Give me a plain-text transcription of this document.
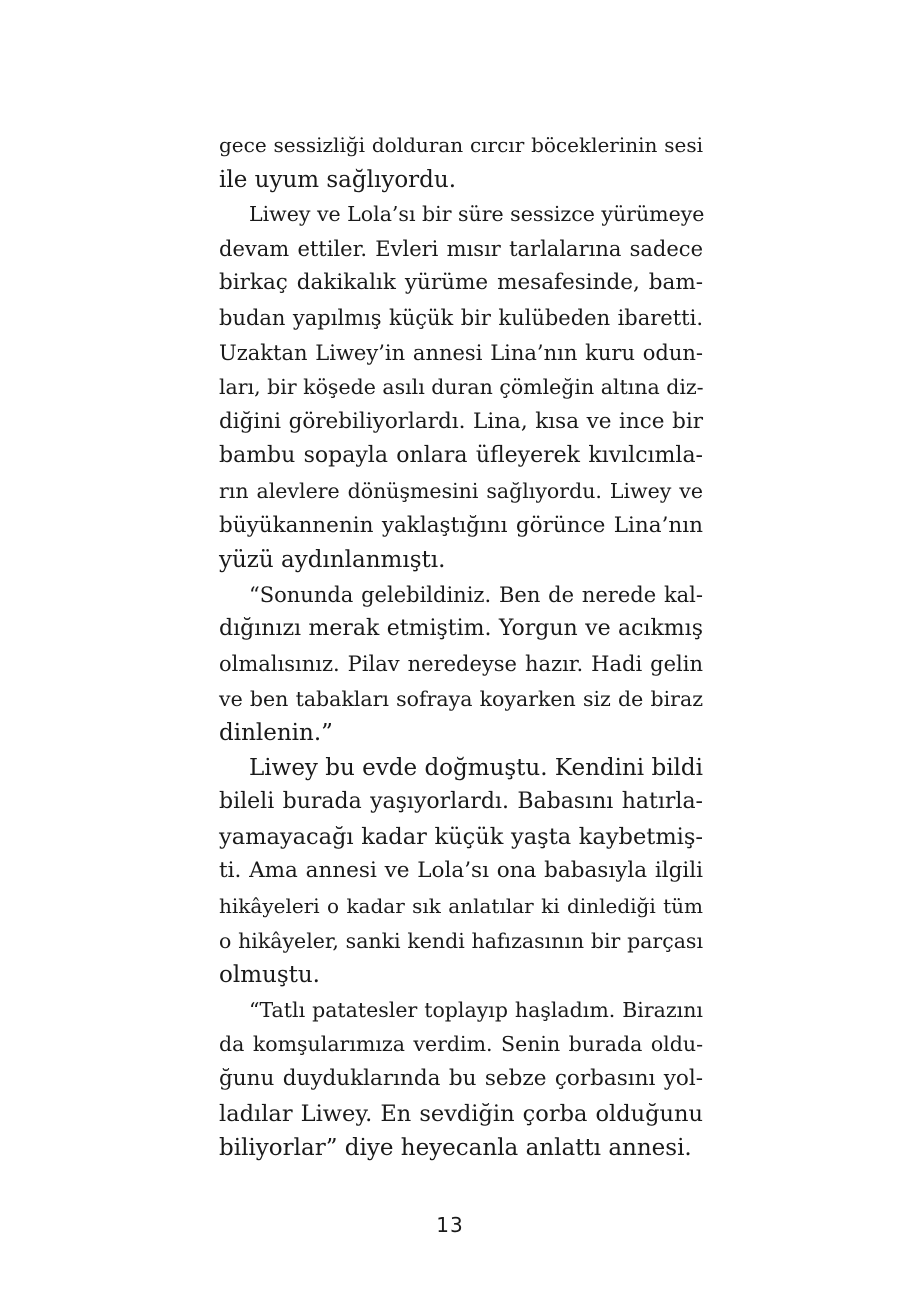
gece sessizliği dolduran cırcır böceklerinin sesi
ile uyum sağlıyordu.
Liwey ve Lola’sı bir süre sessizce yürümeye
devam ettiler. Evleri mısır tarlalarına sadece
birkaç dakikalık yürüme mesafesinde, bam-
budan yapılmış küçük bir kulübeden ibaretti.
Uzaktan Liwey’in annesi Lina’nın kuru odun-
ları, bir köşede asılı duran çömleğin altına diz-
diğini görebiliyorlardı. Lina, kısa ve ince bir
bambu sopayla onlara üfleyerek kıvılcımla-
rın alevlere dönüşmesini sağlıyordu. Liwey ve
büyükannenin yaklaştığını görünce Lina’nın
yüzü aydınlanmıştı.
“Sonunda gelebildiniz. Ben de nerede kal-
dığınızı merak etmiştim. Yorgun ve acıkmış
olmalısınız. Pilav neredeyse hazır. Hadi gelin
ve ben tabakları sofraya koyarken siz de biraz
dinlenin.”
Liwey bu evde doğmuştu. Kendini bildi
bileli burada yaşıyorlardı. Babasını hatırla-
yamayacağı kadar küçük yaşta kaybetmiş-
ti. Ama annesi ve Lola’sı ona babasıyla ilgili
hikâyeleri o kadar sık anlatılar ki dinlediği tüm
o hikâyeler, sanki kendi hafızasının bir parçası
olmuştu.
“Tatlı patatesler toplayıp haşladım. Birazını
da komşularımıza verdim. Senin burada oldu-
ğunu duyduklarında bu sebze çorbasını yol-
ladılar Liwey. En sevdiğin çorba olduğunu
biliyorlar” diye heyecanla anlattı annesi.
13
